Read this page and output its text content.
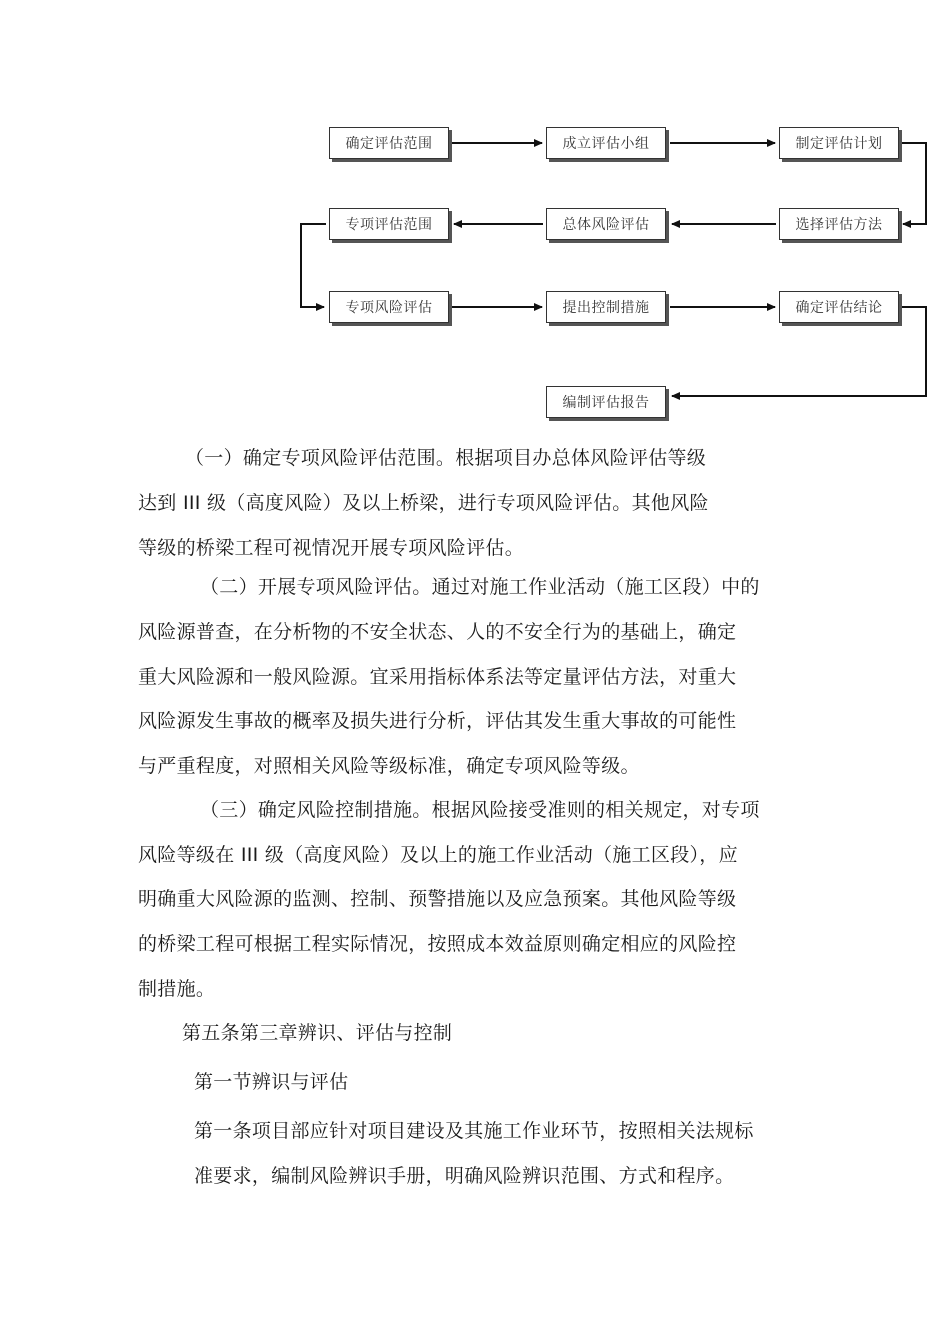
确定评估范围	成立评估小组	制定评估计划
选择评估方法
总体风险评估
专项评估范围
专项风险评估	提出控制措施	确定评估结论
编制评估报告
（一）确定专项风险评估范围。根据项目办总体风险评估等级
达到 III 级（高度风险）及以上桥梁，进行专项风险评估。其他风险
等级的桥梁工程可视情况开展专项风险评估。
（二）开展专项风险评估。通过对施工作业活动（施工区段）中的
风险源普查，在分析物的不安全状态、人的不安全行为的基础上，确定
重大风险源和一般风险源。宜采用指标体系法等定量评估方法，对重大
风险源发生事故的概率及损失进行分析，评估其发生重大事故的可能性
与严重程度，对照相关风险等级标准，确定专项风险等级。
（三）确定风险控制措施。根据风险接受准则的相关规定，对专项
风险等级在 III 级（高度风险）及以上的施工作业活动（施工区段），应
明确重大风险源的监测、控制、预警措施以及应急预案。其他风险等级
的桥梁工程可根据工程实际情况，按照成本效益原则确定相应的风险控
制措施。
第五条第三章辨识、评估与控制
第一节辨识与评估
第一条项目部应针对项目建设及其施工作业环节，按照相关法规标
准要求，编制风险辨识手册，明确风险辨识范围、方式和程序。
